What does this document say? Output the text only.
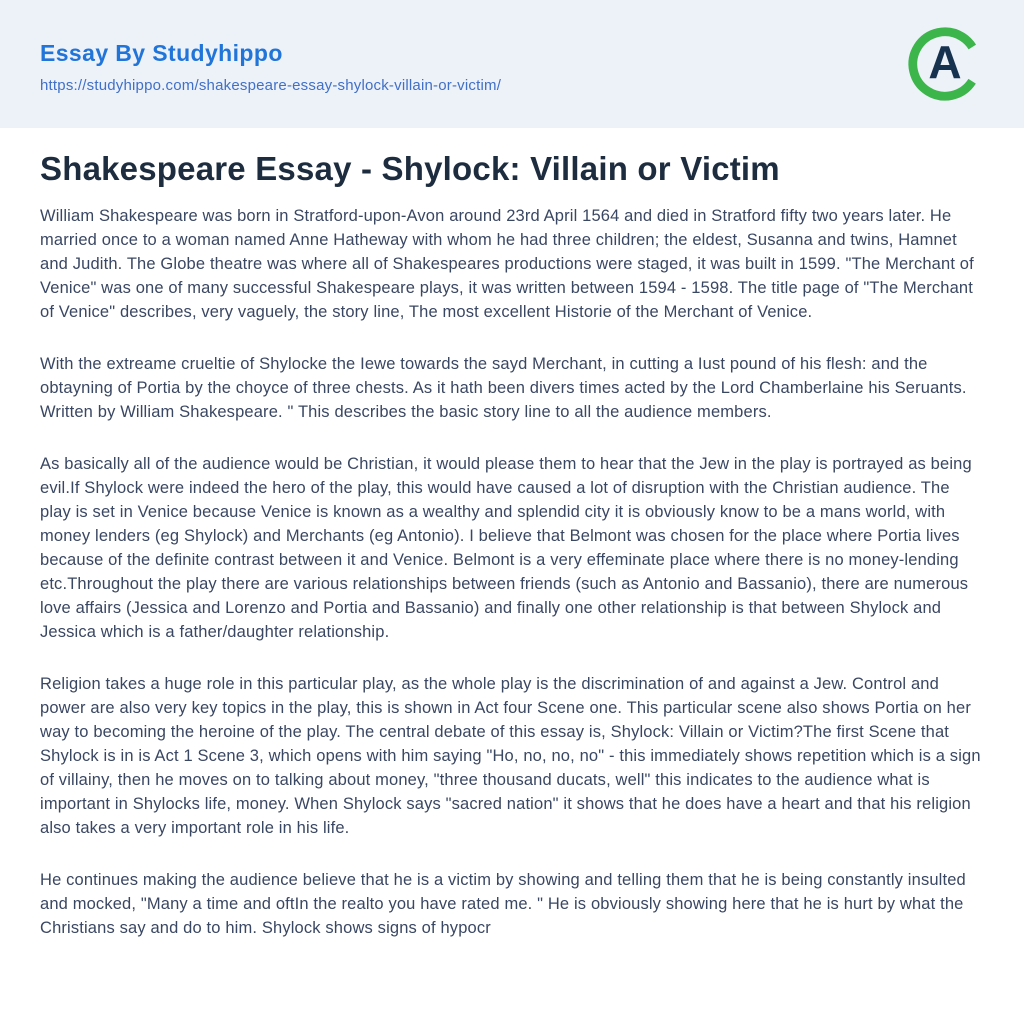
Essay By Studyhippo
https://studyhippo.com/shakespeare-essay-shylock-villain-or-victim/	A
Shakespeare Essay - Shylock: Villain or Victim

William Shakespeare was born in Stratford-upon-Avon around 23rd April 1564 and died in Stratford fifty two years later. He married once to a woman named Anne Hatheway with whom he had three children; the eldest, Susanna and twins, Hamnet and Judith. The Globe theatre was where all of Shakespeares productions were staged, it was built in 1599. "The Merchant of Venice" was one of many successful Shakespeare plays, it was written between 1594 - 1598. The title page of "The Merchant of Venice" describes, very vaguely, the story line, The most excellent Historie of the Merchant of Venice.

With the extreame crueltie of Shylocke the Iewe towards the sayd Merchant, in cutting a Iust pound of his flesh: and the obtayning of Portia by the choyce of three chests. As it hath been divers times acted by the Lord Chamberlaine his Seruants. Written by William Shakespeare. " This describes the basic story line to all the audience members.

As basically all of the audience would be Christian, it would please them to hear that the Jew in the play is portrayed as being evil.If Shylock were indeed the hero of the play, this would have caused a lot of disruption with the Christian audience. The play is set in Venice because Venice is known as a wealthy and splendid city it is obviously know to be a mans world, with money lenders (eg Shylock) and Merchants (eg Antonio). I believe that Belmont was chosen for the place where Portia lives because of the definite contrast between it and Venice. Belmont is a very effeminate place where there is no money-lending etc.Throughout the play there are various relationships between friends (such as Antonio and Bassanio), there are numerous love affairs (Jessica and Lorenzo and Portia and Bassanio) and finally one other relationship is that between Shylock and Jessica which is a father/daughter relationship.

Religion takes a huge role in this particular play, as the whole play is the discrimination of and against a Jew. Control and power are also very key topics in the play, this is shown in Act four Scene one. This particular scene also shows Portia on her way to becoming the heroine of the play. The central debate of this essay is, Shylock: Villain or Victim?The first Scene that Shylock is in is Act 1 Scene 3, which opens with him saying "Ho, no, no, no" - this immediately shows repetition which is a sign of villainy, then he moves on to talking about money, "three thousand ducats, well" this indicates to the audience what is important in Shylocks life, money. When Shylock says "sacred nation" it shows that he does have a heart and that his religion also takes a very important role in his life.

He continues making the audience believe that he is a victim by showing and telling them that he is being constantly insulted and mocked, "Many a time and oftIn the realto you have rated me. " He is obviously showing here that he is hurt by what the Christians say and do to him. Shylock shows signs of hypocr
